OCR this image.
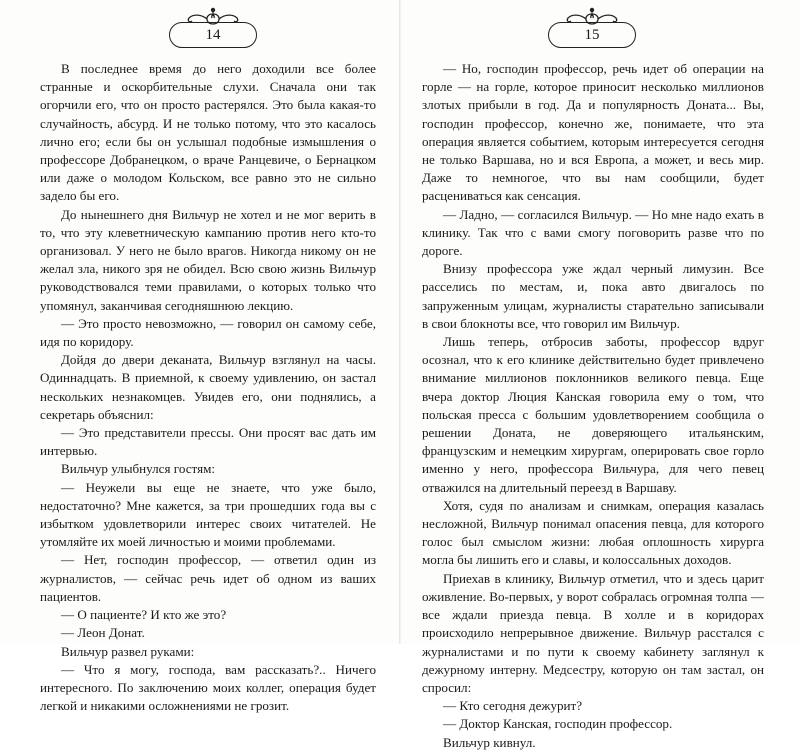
14

В последнее время до него доходили все более странные и оскорбительные слухи. Сначала они так огорчили его, что он просто растерялся. Это была какая-то случайность, абсурд. И не только потому, что это касалось лично его; если бы он услышал подобные измышления о профессоре Добранецком, о враче Ранцевиче, о Бернацком или даже о молодом Кольском, все равно это не сильно задело бы его.

До нынешнего дня Вильчур не хотел и не мог верить в то, что эту клеветническую кампанию против него кто-то организовал. У него не было врагов. Никогда никому он не желал зла, никого зря не обидел. Всю свою жизнь Вильчур руководствовался теми правилами, о которых только что упомянул, заканчивая сегодняшнюю лекцию.

— Это просто невозможно, — говорил он самому себе, идя по коридору.

Дойдя до двери деканата, Вильчур взглянул на часы. Одиннадцать. В приемной, к своему удивлению, он застал нескольких незнакомцев. Увидев его, они поднялись, а секретарь объяснил:

— Это представители прессы. Они просят вас дать им интервью.

Вильчур улыбнулся гостям:

— Неужели вы еще не знаете, что уже было, недостаточно? Мне кажется, за три прошедших года вы с избытком удовлетворили интерес своих читателей. Не утомляйте их моей личностью и моими проблемами.

— Нет, господин профессор, — ответил один из журналистов, — сейчас речь идет об одном из ваших пациентов.

— О пациенте? И кто же это?

— Леон Донат.

Вильчур развел руками:

— Что я могу, господа, вам рассказать?.. Ничего интересного. По заключению моих коллег, операция будет легкой и никакими осложнениями не грозит.

15

— Но, господин профессор, речь идет об операции на горле — на горле, которое приносит несколько миллионов злотых прибыли в год. Да и популярность Доната... Вы, господин профессор, конечно же, понимаете, что эта операция является событием, которым интересуется сегодня не только Варшава, но и вся Европа, а может, и весь мир. Даже то немногое, что вы нам сообщили, будет расцениваться как сенсация.

— Ладно, — согласился Вильчур. — Но мне надо ехать в клинику. Так что с вами смогу поговорить разве что по дороге.

Внизу профессора уже ждал черный лимузин. Все расселись по местам, и, пока авто двигалось по запруженным улицам, журналисты старательно записывали в свои блокноты все, что говорил им Вильчур.

Лишь теперь, отбросив заботы, профессор вдруг осознал, что к его клинике действительно будет привлечено внимание миллионов поклонников великого певца. Еще вчера доктор Люция Канская говорила ему о том, что польская пресса с большим удовлетворением сообщила о решении Доната, не доверяющего итальянским, французским и немецким хирургам, оперировать свое горло именно у него, профессора Вильчура, для чего певец отважился на длительный переезд в Варшаву.

Хотя, судя по анализам и снимкам, операция казалась несложной, Вильчур понимал опасения певца, для которого голос был смыслом жизни: любая оплошность хирурга могла бы лишить его и славы, и колоссальных доходов.

Приехав в клинику, Вильчур отметил, что и здесь царит оживление. Во-первых, у ворот собралась огромная толпа — все ждали приезда певца. В холле и в коридорах происходило непрерывное движение. Вильчур расстался с журналистами и по пути к своему кабинету заглянул к дежурному интерну. Медсестру, которую он там застал, он спросил:

— Кто сегодня дежурит?

— Доктор Канская, господин профессор.

Вильчур кивнул.
